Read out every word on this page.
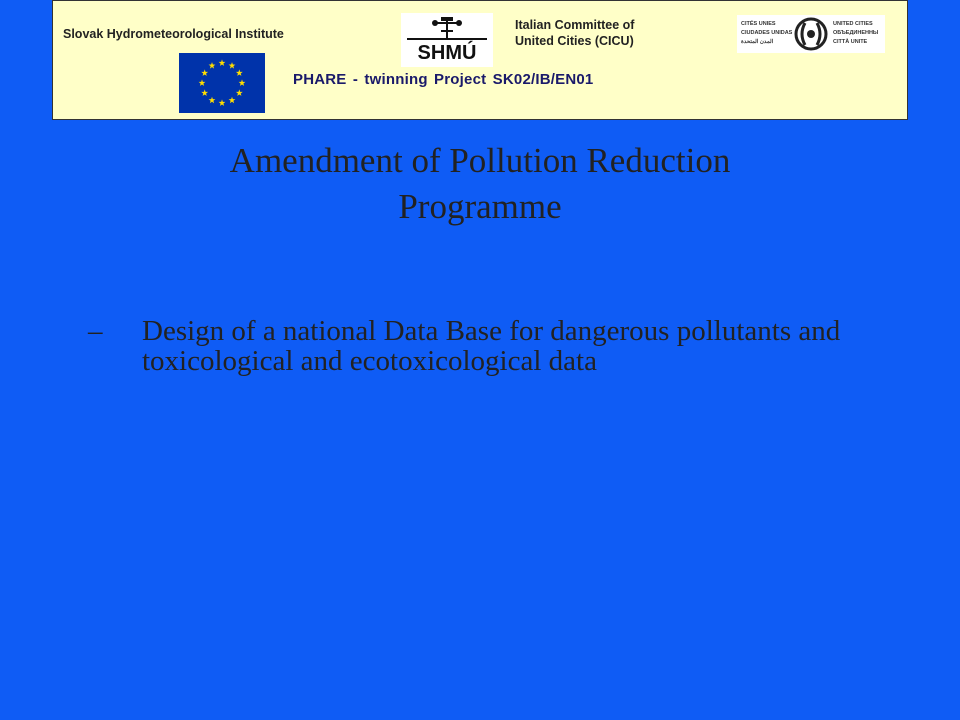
Slovak Hydrometeorological Institute
SHMÚ
Italian Committee of
United Cities (CICU)
CITÉS UNIES
CIUDADES UNIDAS
المدن المتحدة
UNITED CITIES
ОБЪЕДИНЕННЫ
CITTÀ UNITE
PHARE - twinning Project SK02/IB/EN01
Amendment of Pollution Reduction
Programme
– Design of a national Data Base for dangerous pollutants and toxicological and ecotoxicological data
